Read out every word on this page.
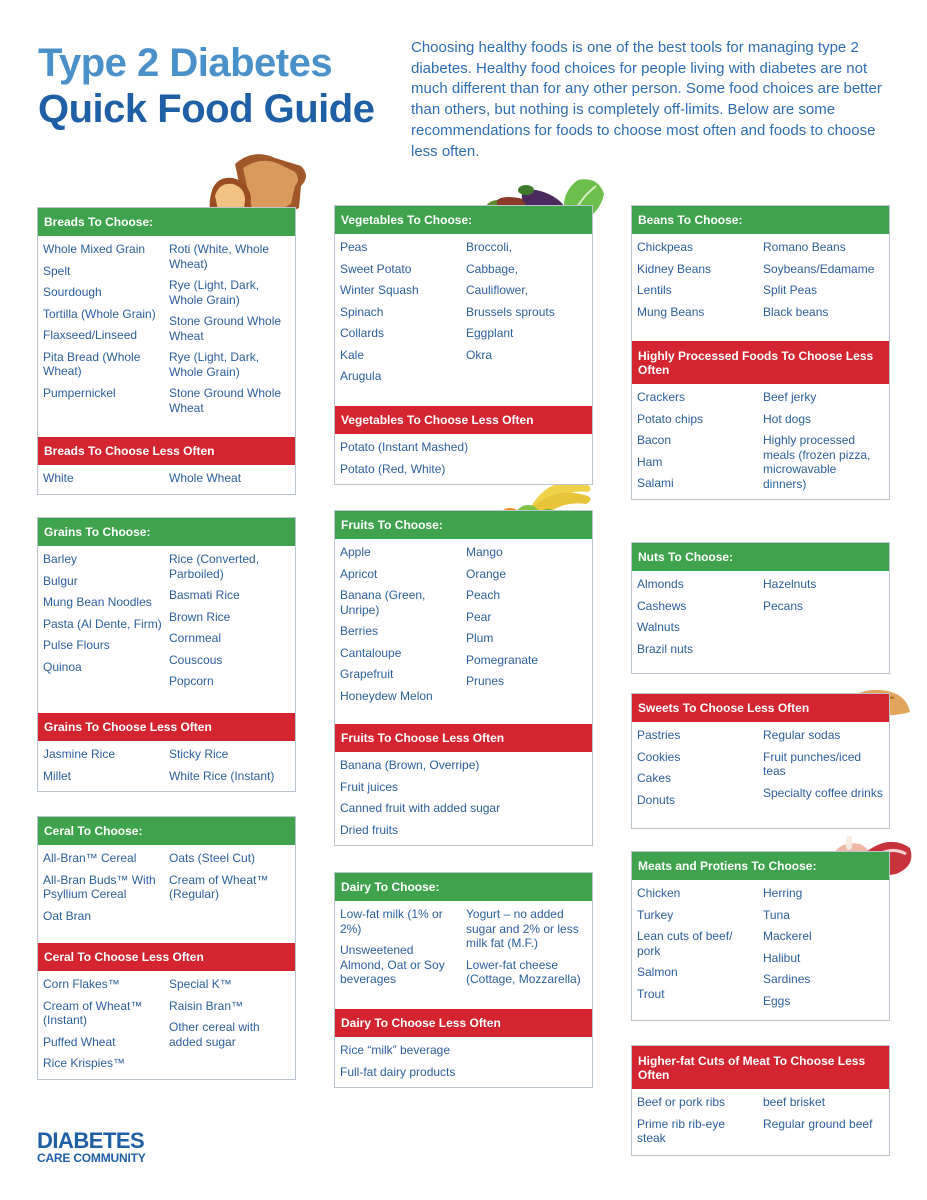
Type 2 Diabetes
Quick Food Guide
Choosing healthy foods is one of the best tools for managing type 2 diabetes. Healthy food choices for people living with diabetes are not much different than for any other person. Some food choices are better than others, but nothing is completely off-limits. Below are some recommendations for foods to choose most often and foods to choose less often.
Breads To Choose:
Whole Mixed Grain
Spelt
Sourdough
Tortilla (Whole Grain)
Flaxseed/Linseed
Pita Bread (Whole Wheat)
Pumpernickel
Roti (White, Whole Wheat)
Rye (Light, Dark, Whole Grain)
Stone Ground Whole Wheat
Rye (Light, Dark, Whole Grain)
Stone Ground Whole Wheat
Breads To Choose Less Often
White	Whole Wheat
Grains To Choose:
Barley
Bulgur
Mung Bean Noodles
Pasta (Al Dente, Firm)
Pulse Flours
Quinoa
Rice (Converted, Parboiled)
Basmati Rice
Brown Rice
Cornmeal
Couscous
Popcorn
Grains To Choose Less Often
Jasmine Rice
Millet
Sticky Rice
White Rice (Instant)
Ceral To Choose:
All-Bran™ Cereal
All-Bran Buds™ With Psyllium Cereal
Oat Bran
Oats (Steel Cut)
Cream of Wheat™ (Regular)
Ceral To Choose Less Often
Corn Flakes™
Cream of Wheat™ (Instant)
Puffed Wheat
Rice Krispies™
Special K™
Raisin Bran™
Other cereal with added sugar
Vegetables To Choose:
Peas
Sweet Potato
Winter Squash
Spinach
Collards
Kale
Arugula
Broccoli,
Cabbage,
Cauliflower,
Brussels sprouts
Eggplant
Okra
Vegetables To Choose Less Often
Potato (Instant Mashed)
Potato (Red, White)
Fruits To Choose:
Apple
Apricot
Banana (Green, Unripe)
Berries
Cantaloupe
Grapefruit
Honeydew Melon
Mango
Orange
Peach
Pear
Plum
Pomegranate
Prunes
Fruits To Choose Less Often
Banana (Brown, Overripe)
Fruit juices
Canned fruit with added sugar
Dried fruits
Dairy To Choose:
Low-fat milk (1% or 2%)
Unsweetened Almond, Oat or Soy beverages
Yogurt – no added sugar and 2% or less milk fat (M.F.)
Lower-fat cheese (Cottage, Mozzarella)
Dairy To Choose Less Often
Rice “milk” beverage
Full-fat dairy products
Beans To Choose:
Chickpeas
Kidney Beans
Lentils
Mung Beans
Romano Beans
Soybeans/Edamame
Split Peas
Black beans
Highly Processed Foods To Choose Less Often
Crackers
Potato chips
Bacon
Ham
Salami
Beef jerky
Hot dogs
Highly processed meals (frozen pizza, microwavable dinners)
Nuts To Choose:
Almonds
Cashews
Walnuts
Brazil nuts
Hazelnuts
Pecans
Sweets To Choose Less Often
Pastries
Cookies
Cakes
Donuts
Regular sodas
Fruit punches/iced teas
Specialty coffee drinks
Meats and Protiens To Choose:
Chicken
Turkey
Lean cuts of beef/ pork
Salmon
Trout
Herring
Tuna
Mackerel
Halibut
Sardines
Eggs
Higher-fat Cuts of Meat To Choose Less Often
Beef or pork ribs
Prime rib rib-eye steak
beef brisket
Regular ground beef
DIABETES
CARE COMMUNITY
